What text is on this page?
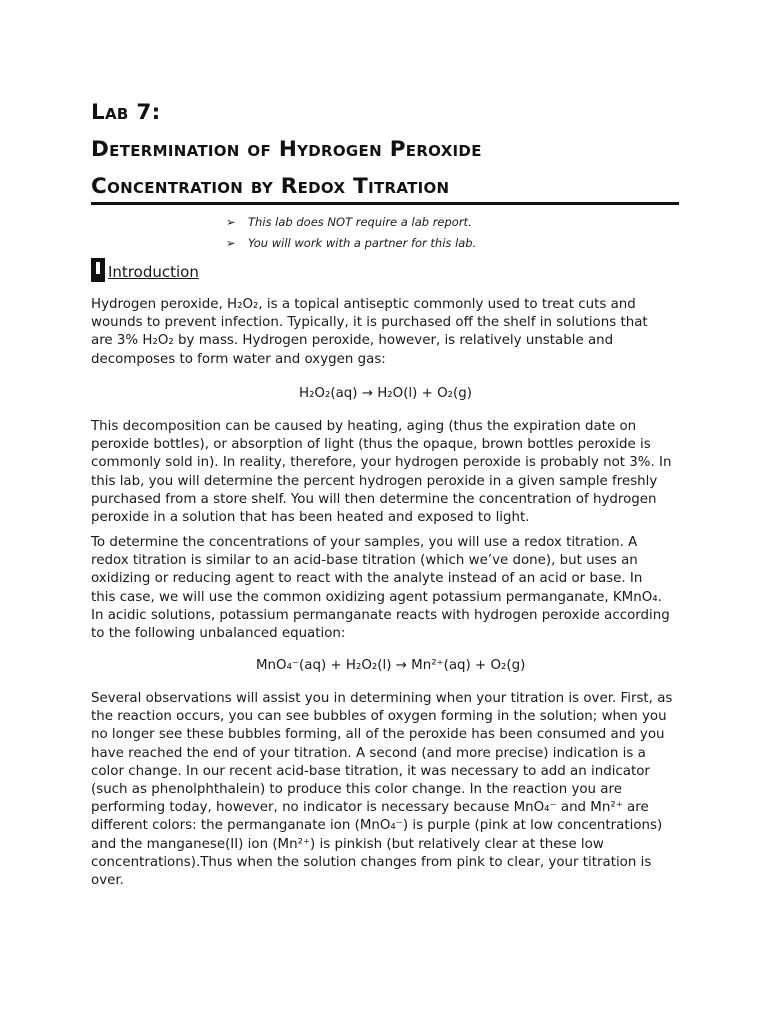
Lab 7:
Determination of Hydrogen Peroxide
Concentration by Redox Titration
➢ This lab does NOT require a lab report.
➢ You will work with a partner for this lab.
Introduction
Hydrogen peroxide, H₂O₂, is a topical antiseptic commonly used to treat cuts and
wounds to prevent infection. Typically, it is purchased off the shelf in solutions that
are 3% H₂O₂ by mass. Hydrogen peroxide, however, is relatively unstable and
decomposes to form water and oxygen gas:
H₂O₂(aq) → H₂O(l) + O₂(g)
This decomposition can be caused by heating, aging (thus the expiration date on
peroxide bottles), or absorption of light (thus the opaque, brown bottles peroxide is
commonly sold in). In reality, therefore, your hydrogen peroxide is probably not 3%. In
this lab, you will determine the percent hydrogen peroxide in a given sample freshly
purchased from a store shelf. You will then determine the concentration of hydrogen
peroxide in a solution that has been heated and exposed to light.
To determine the concentrations of your samples, you will use a redox titration. A
redox titration is similar to an acid-base titration (which we’ve done), but uses an
oxidizing or reducing agent to react with the analyte instead of an acid or base. In
this case, we will use the common oxidizing agent potassium permanganate, KMnO₄.
In acidic solutions, potassium permanganate reacts with hydrogen peroxide according
to the following unbalanced equation:
MnO₄⁻(aq) + H₂O₂(l) → Mn²⁺(aq) + O₂(g)
Several observations will assist you in determining when your titration is over. First, as
the reaction occurs, you can see bubbles of oxygen forming in the solution; when you
no longer see these bubbles forming, all of the peroxide has been consumed and you
have reached the end of your titration. A second (and more precise) indication is a
color change. In our recent acid-base titration, it was necessary to add an indicator
(such as phenolphthalein) to produce this color change. In the reaction you are
performing today, however, no indicator is necessary because MnO₄⁻ and Mn²⁺ are
different colors: the permanganate ion (MnO₄⁻) is purple (pink at low concentrations)
and the manganese(II) ion (Mn²⁺) is pinkish (but relatively clear at these low
concentrations).Thus when the solution changes from pink to clear, your titration is
over.
